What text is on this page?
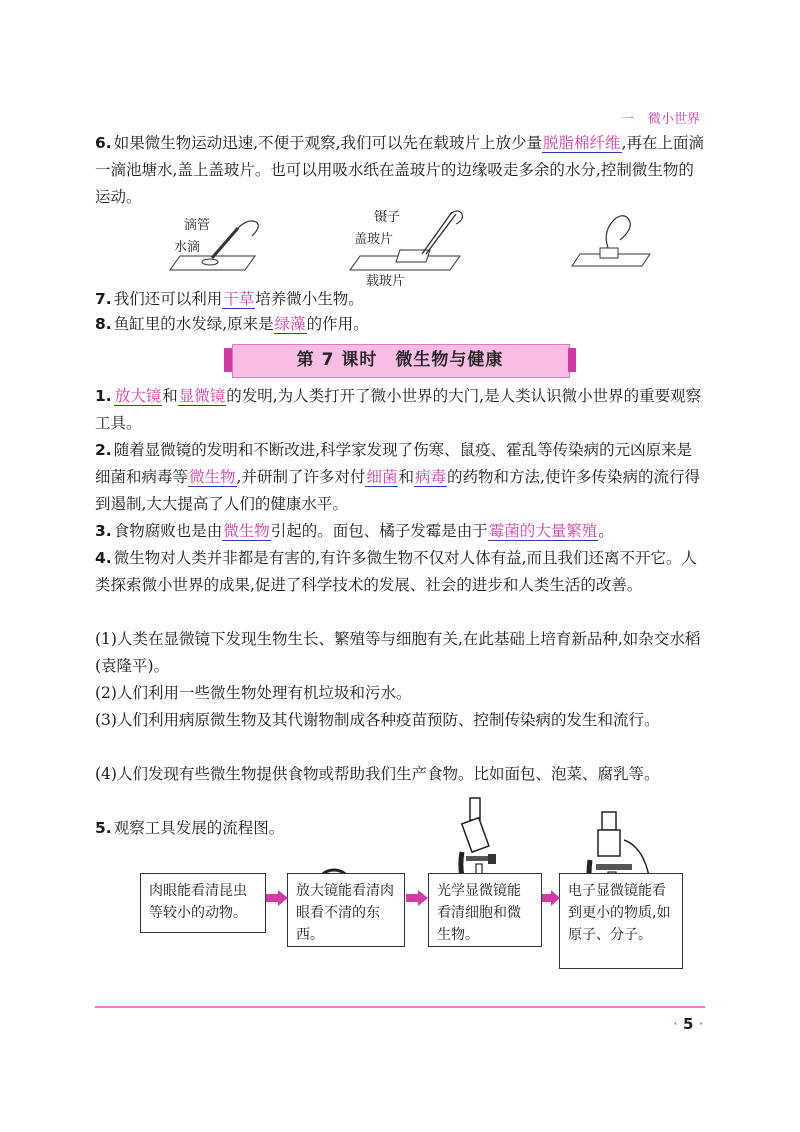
一 微小世界
6. 如果微生物运动迅速,不便于观察,我们可以先在载玻片上放少量脱脂棉纤维,再在上面滴一滴池塘水,盖上盖玻片。也可以用吸水纸在盖玻片的边缘吸走多余的水分,控制微生物的运动。
滴管
水滴
镊子
盖玻片
载玻片
7. 我们还可以利用干草培养微小生物。
8. 鱼缸里的水发绿,原来是绿藻的作用。
第 7 课时　微生物与健康
1. 放大镜和显微镜的发明,为人类打开了微小世界的大门,是人类认识微小世界的重要观察工具。
2. 随着显微镜的发明和不断改进,科学家发现了伤寒、鼠疫、霍乱等传染病的元凶原来是细菌和病毒等微生物,并研制了许多对付细菌和病毒的药物和方法,使许多传染病的流行得到遏制,大大提高了人们的健康水平。
3. 食物腐败也是由微生物引起的。面包、橘子发霉是由于霉菌的大量繁殖。
4. 微生物对人类并非都是有害的,有许多微生物不仅对人体有益,而且我们还离不开它。人类探索微小世界的成果,促进了科学技术的发展、社会的进步和人类生活的改善。
(1)人类在显微镜下发现生物生长、繁殖等与细胞有关,在此基础上培育新品种,如杂交水稻(袁隆平)。
(2)人们利用一些微生物处理有机垃圾和污水。
(3)人们利用病原微生物及其代谢物制成各种疫苗预防、控制传染病的发生和流行。
(4)人们发现有些微生物提供食物或帮助我们生产食物。比如面包、泡菜、腐乳等。
5. 观察工具发展的流程图。
肉眼能看清昆虫等较小的动物。
放大镜能看清肉眼看不清的东西。
光学显微镜能看清细胞和微生物。
电子显微镜能看到更小的物质,如原子、分子。
· 5 ·
